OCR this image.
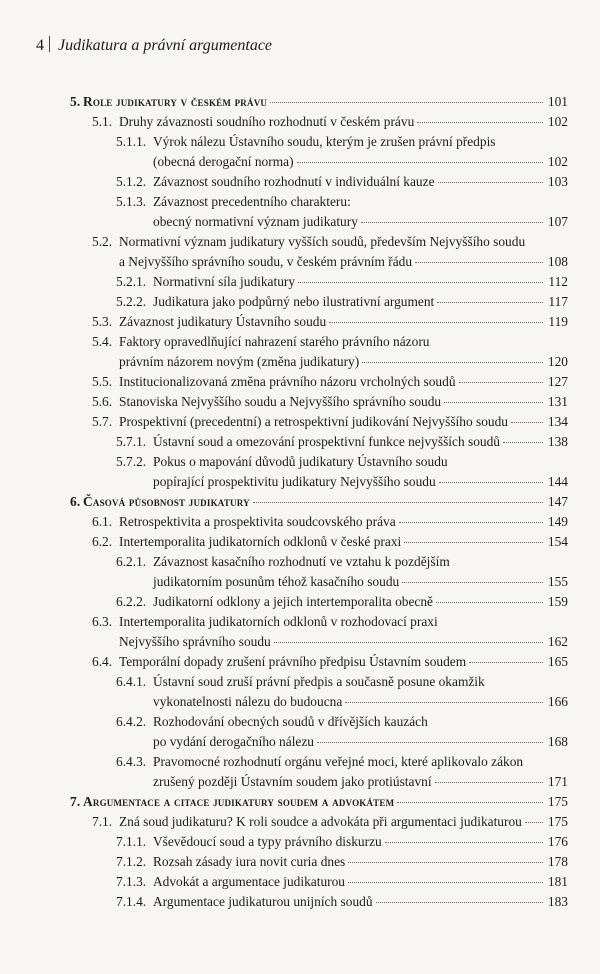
4 Judikatura a právní argumentace
5. Role judikatury v českém právu	101
5.1. Druhy závaznosti soudního rozhodnutí v českém právu	102
5.1.1. Výrok nálezu Ústavního soudu, kterým je zrušen právní předpis
(obecná derogační norma)	102
5.1.2. Závaznost soudního rozhodnutí v individuální kauze	103
5.1.3. Závaznost precedentního charakteru:
obecný normativní význam judikatury	107
5.2. Normativní význam judikatury vyšších soudů, především Nejvyššího soudu
a Nejvyššího správního soudu, v českém právním řádu	108
5.2.1. Normativní síla judikatury	112
5.2.2. Judikatura jako podpůrný nebo ilustrativní argument	117
5.3. Závaznost judikatury Ústavního soudu	119
5.4. Faktory opravedlňující nahrazení starého právního názoru
právním názorem novým (změna judikatury)	120
5.5. Institucionalizovaná změna právního názoru vrcholných soudů	127
5.6. Stanoviska Nejvyššího soudu a Nejvyššího správního soudu	131
5.7. Prospektivní (precedentní) a retrospektivní judikování Nejvyššího soudu	134
5.7.1. Ústavní soud a omezování prospektivní funkce nejvyšších soudů	138
5.7.2. Pokus o mapování důvodů judikatury Ústavního soudu
popírající prospektivitu judikatury Nejvyššího soudu	144
6. Časová působnost judikatury	147
6.1. Retrospektivita a prospektivita soudcovského práva	149
6.2. Intertemporalita judikatorních odklonů v české praxi	154
6.2.1. Závaznost kasačního rozhodnutí ve vztahu k pozdějším
judikatorním posunům téhož kasačního soudu	155
6.2.2. Judikatorní odklony a jejich intertemporalita obecně	159
6.3. Intertemporalita judikatorních odklonů v rozhodovací praxi
Nejvyššího správního soudu	162
6.4. Temporální dopady zrušení právního předpisu Ústavním soudem	165
6.4.1. Ústavní soud zruší právní předpis a současně posune okamžik
vykonatelnosti nálezu do budoucna	166
6.4.2. Rozhodování obecných soudů v dřívějších kauzách
po vydání derogačního nálezu	168
6.4.3. Pravomocné rozhodnutí orgánu veřejné moci, které aplikovalo zákon
zrušený později Ústavním soudem jako protiústavní	171
7. Argumentace a citace judikatury soudem a advokátem	175
7.1. Zná soud judikaturu? K roli soudce a advokáta při argumentaci judikaturou 175
7.1.1. Vševědoucí soud a typy právního diskurzu	176
7.1.2. Rozsah zásady iura novit curia dnes	178
7.1.3. Advokát a argumentace judikaturou	181
7.1.4. Argumentace judikaturou unijních soudů	183
